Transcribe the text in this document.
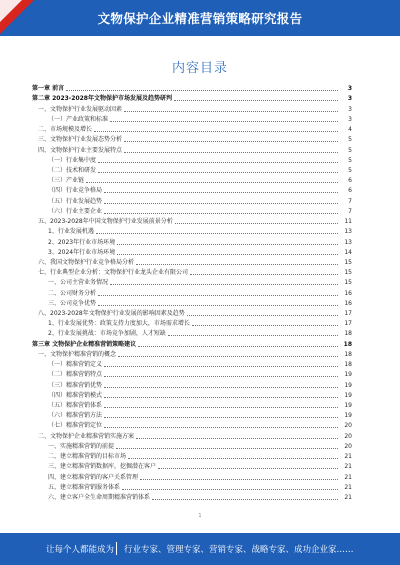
文物保护企业精准营销策略研究报告
内容目录
第一章 前言	3
第二章 2023-2028年文物保护市场发展及趋势研判	3
一、文物保护行业发展驱动因素	3
（一）产业政策和标准	3
二、市场规模及增长	4
三、文物保护行业发展态势分析	5
四、文物保护行业主要发展特点	5
（一）行业集中度	5
（二）技术和研发	5
（三）产业链	6
（四）行业竞争格局	6
（五）行业发展趋势	7
（六）行业主要企业	7
五、2023-2028年中国文物保护行业发展前景分析	11
1、行业发展机遇	13
2、2023年行业市场环境	13
3、2024年行业市场环境	14
六、我国文物保护行业竞争格局分析	15
七、行业典型企业分析：文物保护行业龙头企业有限公司	15
一、公司主营业务情况	15
二、公司财务分析	16
三、公司竞争优势	16
八、2023-2028年文物保护行业发展的影响因素及趋势	17
1、行业发展优势：政策支持力度加大，市场需求增长	17
2、行业发展挑战：市场竞争加剧，人才短缺	18
第三章 文物保护企业精准营销策略建议	18
一、文物保护精准营销的概念	18
（一）精准营销定义	18
（二）精准营销特点	19
（三）精准营销优势	19
（四）精准营销模式	19
（五）精准营销体系	19
（六）精准营销方法	19
（七）精准营销定位	20
二、文物保护企业精准营销实施方案	20
一、实施精准营销的前提	20
二、建立精准营销的目标市场	21
三、建立精准营销数据库，挖掘潜在客户	21
四、建立精准营销的客户关系管理	21
五、建立精准营销服务体系	21
六、建立客户全生命周期精准营销体系	21
1
让每个人都能成为 行业专家、管理专家、营销专家、战略专家、成功企业家……
